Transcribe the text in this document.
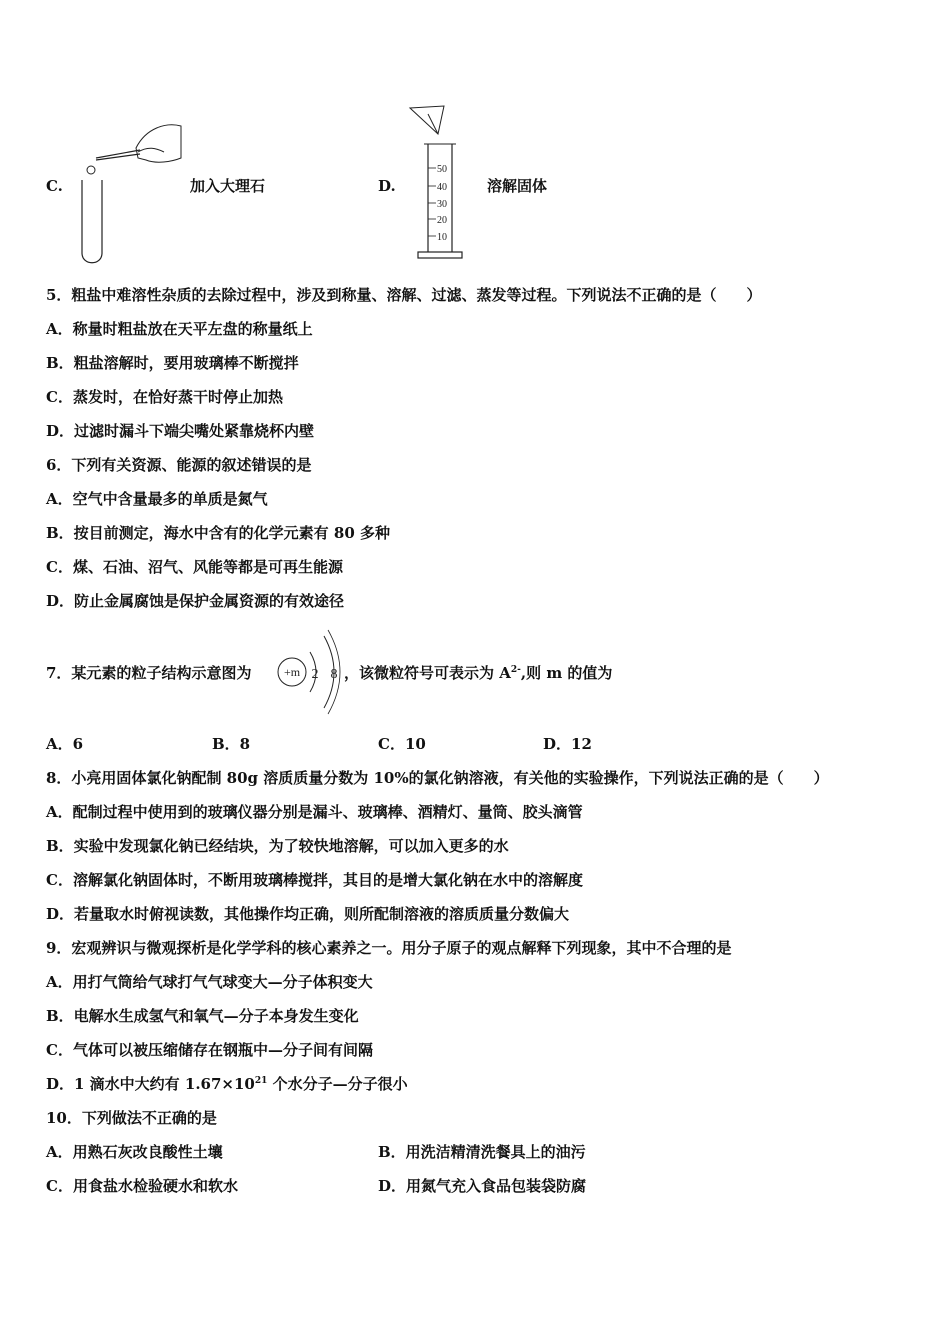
C.	加入大理石	D.
50
40
30
20
10
溶解固体
5．粗盐中难溶性杂质的去除过程中，涉及到称量、溶解、过滤、蒸发等过程。下列说法不正确的是（　　）
A．称量时粗盐放在天平左盘的称量纸上
B．粗盐溶解时，要用玻璃棒不断搅拌
C．蒸发时，在恰好蒸干时停止加热
D．过滤时漏斗下端尖嘴处紧靠烧杯内壁
6．下列有关资源、能源的叙述错误的是
A．空气中含量最多的单质是氮气
B．按目前测定，海水中含有的化学元素有 80 多种
C．煤、石油、沼气、风能等都是可再生能源
D．防止金属腐蚀是保护金属资源的有效途径
7．某元素的粒子结构示意图为	+m 2 8 ，该微粒符号可表示为 $A^{2-}$,则 m 的值为
A．6	B．8	C．10	D．12
8．小亮用固体氯化钠配制 80g 溶质质量分数为 10%的氯化钠溶液，有关他的实验操作，下列说法正确的是（　　）
A．配制过程中使用到的玻璃仪器分别是漏斗、玻璃棒、酒精灯、量筒、胶头滴管
B．实验中发现氯化钠已经结块，为了较快地溶解，可以加入更多的水
C．溶解氯化钠固体时，不断用玻璃棒搅拌，其目的是增大氯化钠在水中的溶解度
D．若量取水时俯视读数，其他操作均正确，则所配制溶液的溶质质量分数偏大
9．宏观辨识与微观探析是化学学科的核心素养之一。用分子原子的观点解释下列现象，其中不合理的是
A．用打气筒给气球打气气球变大—分子体积变大
B．电解水生成氢气和氧气—分子本身发生变化
C．气体可以被压缩储存在钢瓶中—分子间有间隔
D．1 滴水中大约有 $1.67\times 10^{21}$ 个水分子—分子很小
10．下列做法不正确的是
A．用熟石灰改良酸性土壤	B．用洗洁精清洗餐具上的油污
C．用食盐水检验硬水和软水	D．用氮气充入食品包装袋防腐
